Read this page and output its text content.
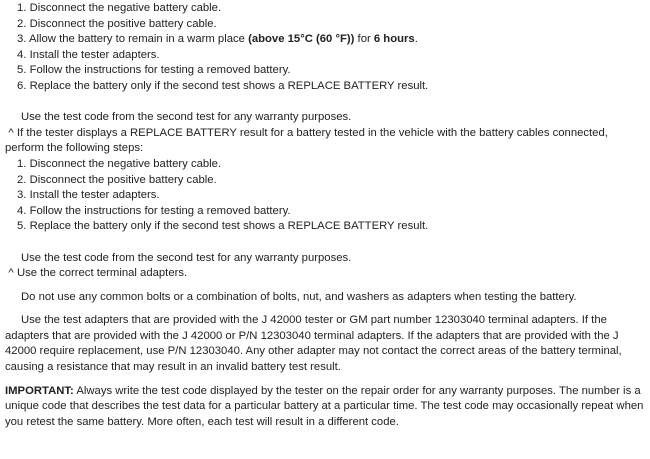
1. Disconnect the negative battery cable.
2. Disconnect the positive battery cable.
3. Allow the battery to remain in a warm place (above 15°C (60 °F)) for 6 hours.
4. Install the tester adapters.
5. Follow the instructions for testing a removed battery.
6. Replace the battery only if the second test shows a REPLACE BATTERY result.
Use the test code from the second test for any warranty purposes.
^ If the tester displays a REPLACE BATTERY result for a battery tested in the vehicle with the battery cables connected, perform the following steps:
1. Disconnect the negative battery cable.
2. Disconnect the positive battery cable.
3. Install the tester adapters.
4. Follow the instructions for testing a removed battery.
5. Replace the battery only if the second test shows a REPLACE BATTERY result.
Use the test code from the second test for any warranty purposes.
^ Use the correct terminal adapters.
Do not use any common bolts or a combination of bolts, nut, and washers as adapters when testing the battery.
Use the test adapters that are provided with the J 42000 tester or GM part number 12303040 terminal adapters. If the adapters that are provided with the J 42000 or P/N 12303040 terminal adapters. If the adapters that are provided with the J 42000 require replacement, use P/N 12303040. Any other adapter may not contact the correct areas of the battery terminal, causing a resistance that may result in an invalid battery test result.
IMPORTANT: Always write the test code displayed by the tester on the repair order for any warranty purposes. The number is a unique code that describes the test data for a particular battery at a particular time. The test code may occasionally repeat when you retest the same battery. More often, each test will result in a different code.
